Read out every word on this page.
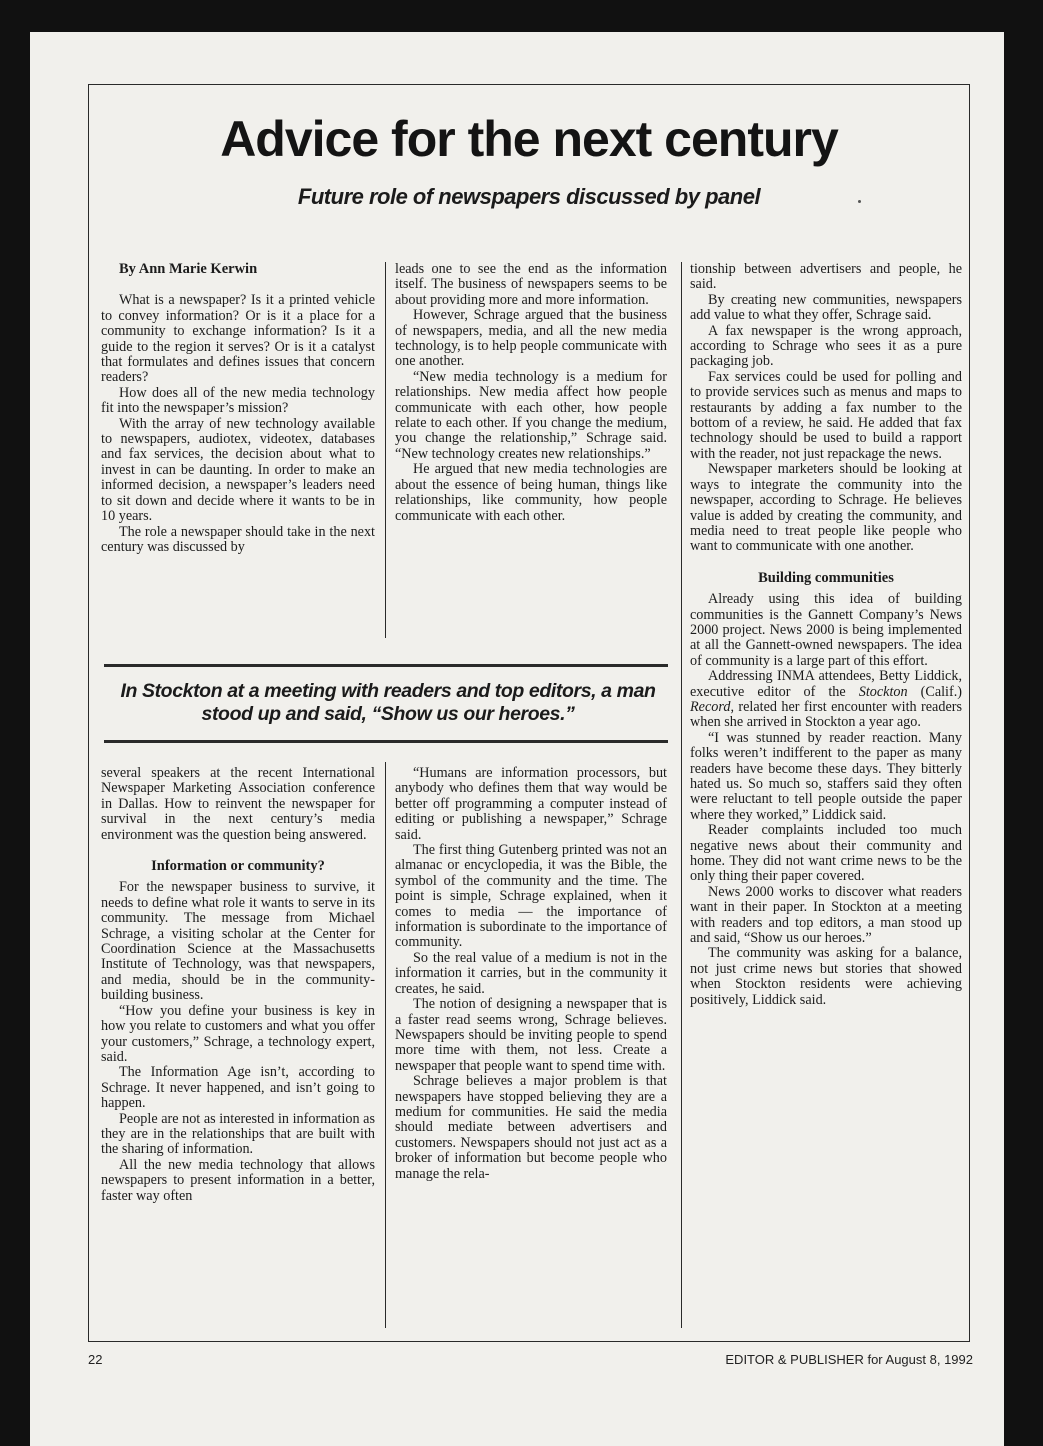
Advice for the next century
Future role of newspapers discussed by panel

By Ann Marie Kerwin

What is a newspaper? Is it a printed vehicle to convey information? Or is it a place for a community to exchange information? Is it a guide to the region it serves? Or is it a catalyst that formulates and defines issues that concern readers?

How does all of the new media technology fit into the newspaper’s mission?

With the array of new technology available to newspapers, audiotex, videotex, databases and fax services, the decision about what to invest in can be daunting. In order to make an informed decision, a newspaper’s leaders need to sit down and decide where it wants to be in 10 years.

The role a newspaper should take in the next century was discussed by

leads one to see the end as the information itself. The business of newspapers seems to be about providing more and more information.

However, Schrage argued that the business of newspapers, media, and all the new media technology, is to help people communicate with one another.

“New media technology is a medium for relationships. New media affect how people communicate with each other, how people relate to each other. If you change the medium, you change the relationship,” Schrage said. “New technology creates new relationships.”

He argued that new media technologies are about the essence of being human, things like relationships, like community, how people communicate with each other.

In Stockton at a meeting with readers and top editors, a man stood up and said, “Show us our heroes.”

several speakers at the recent International Newspaper Marketing Association conference in Dallas. How to reinvent the newspaper for survival in the next century’s media environment was the question being answered.

Information or community?

For the newspaper business to survive, it needs to define what role it wants to serve in its community. The message from Michael Schrage, a visiting scholar at the Center for Coordination Science at the Massachusetts Institute of Technology, was that newspapers, and media, should be in the community-building business.

“How you define your business is key in how you relate to customers and what you offer your customers,” Schrage, a technology expert, said.

The Information Age isn’t, according to Schrage. It never happened, and isn’t going to happen.

People are not as interested in information as they are in the relationships that are built with the sharing of information.

All the new media technology that allows newspapers to present information in a better, faster way often

“Humans are information processors, but anybody who defines them that way would be better off programming a computer instead of editing or publishing a newspaper,” Schrage said.

The first thing Gutenberg printed was not an almanac or encyclopedia, it was the Bible, the symbol of the community and the time. The point is simple, Schrage explained, when it comes to media — the importance of information is subordinate to the importance of community.

So the real value of a medium is not in the information it carries, but in the community it creates, he said.

The notion of designing a newspaper that is a faster read seems wrong, Schrage believes. Newspapers should be inviting people to spend more time with them, not less. Create a newspaper that people want to spend time with.

Schrage believes a major problem is that newspapers have stopped believing they are a medium for communities. He said the media should mediate between advertisers and customers. Newspapers should not just act as a broker of information but become people who manage the rela-

tionship between advertisers and people, he said.

By creating new communities, newspapers add value to what they offer, Schrage said.

A fax newspaper is the wrong approach, according to Schrage who sees it as a pure packaging job.

Fax services could be used for polling and to provide services such as menus and maps to restaurants by adding a fax number to the bottom of a review, he said. He added that fax technology should be used to build a rapport with the reader, not just repackage the news.

Newspaper marketers should be looking at ways to integrate the community into the newspaper, according to Schrage. He believes value is added by creating the community, and media need to treat people like people who want to communicate with one another.

Building communities

Already using this idea of building communities is the Gannett Company’s News 2000 project. News 2000 is being implemented at all the Gannett-owned newspapers. The idea of community is a large part of this effort.

Addressing INMA attendees, Betty Liddick, executive editor of the Stockton (Calif.) Record, related her first encounter with readers when she arrived in Stockton a year ago.

“I was stunned by reader reaction. Many folks weren’t indifferent to the paper as many readers have become these days. They bitterly hated us. So much so, staffers said they often were reluctant to tell people outside the paper where they worked,” Liddick said.

Reader complaints included too much negative news about their community and home. They did not want crime news to be the only thing their paper covered.

News 2000 works to discover what readers want in their paper. In Stockton at a meeting with readers and top editors, a man stood up and said, “Show us our heroes.”

The community was asking for a balance, not just crime news but stories that showed when Stockton residents were achieving positively, Liddick said.

22	EDITOR & PUBLISHER for August 8, 1992
